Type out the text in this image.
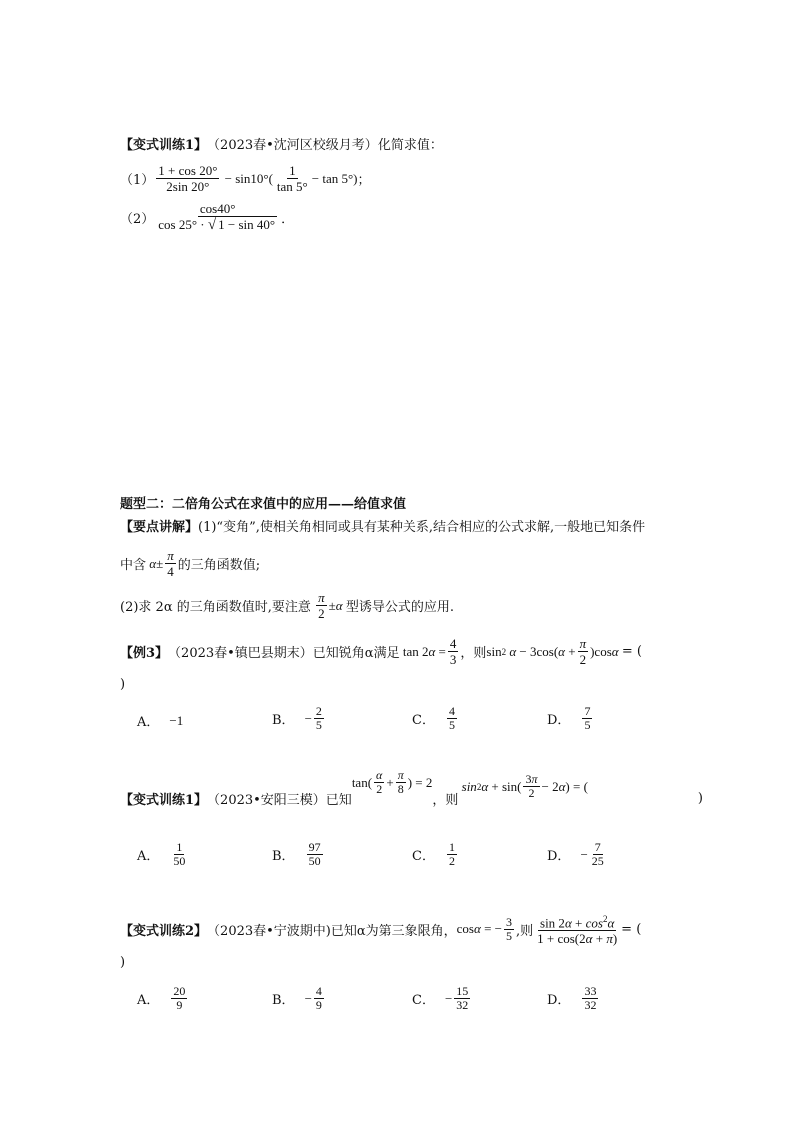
【变式训练1】 （2023春•沈河区校级月考） 化简求值：
$(1) \frac{1 + \cos 20^\circ}{2\sin 20^\circ} - \sin 10^\circ( \frac{1}{\tan 5^\circ} - \tan 5^\circ)$ ；
$(2) \frac{\cos 40^\circ}{\cos 25^\circ \cdot √ 1 - \sin 40^\circ}$ ．
题型二：二倍角公式在求值中的应用——给值求值
【要点讲解】 (1)“变角”,使相关角相同或具有某种关系,结合相应的公式求解,一般地已知条件
中含 $\alpha \pm \frac{\pi}{4}$ 的三角函数值;
(2)求 2α 的三角函数值时,要注意
$\frac{\pi}{2} \pm \alpha$
型诱导公式的应用.
【例3】 （2023春•镇巴县期末）已知锐角α满足 tan 2 $\alpha = \frac{4}{3}$ ，则 sin 2
α − 3cos( $\alpha + \frac{\pi}{2} )\cos$ α
= (
)
A． −1	B． − $\frac{2}{5}$	C． $\frac{4}{5}$	D． $\frac{7}{5}$
【变式训练1】 （2023•安阳三模）已知
$\tan( \frac{\alpha}{2} + \frac{\pi}{8}$ ) = 2
，则

sin 2 $\alpha + \sin( \frac{3\pi}{2} - 2$ α ) = (
)
A． $\frac{1}{50}$	B． $\frac{97}{50}$	C． $\frac{1}{2}$	D． − $\frac{7}{25}$
【变式训练2】 （2023春•宁波期中)已知α为第三象限角， cos α = − $\frac{3}{5}$ ,则 $\frac{\sin 2\alpha + \cos^2\alpha}{1 + \cos(2\alpha + \pi)}$ = (
)
A． $\frac{20}{9}$	B． − $\frac{4}{9}$	C． − $\frac{15}{32}$	D． $\frac{33}{32}$
